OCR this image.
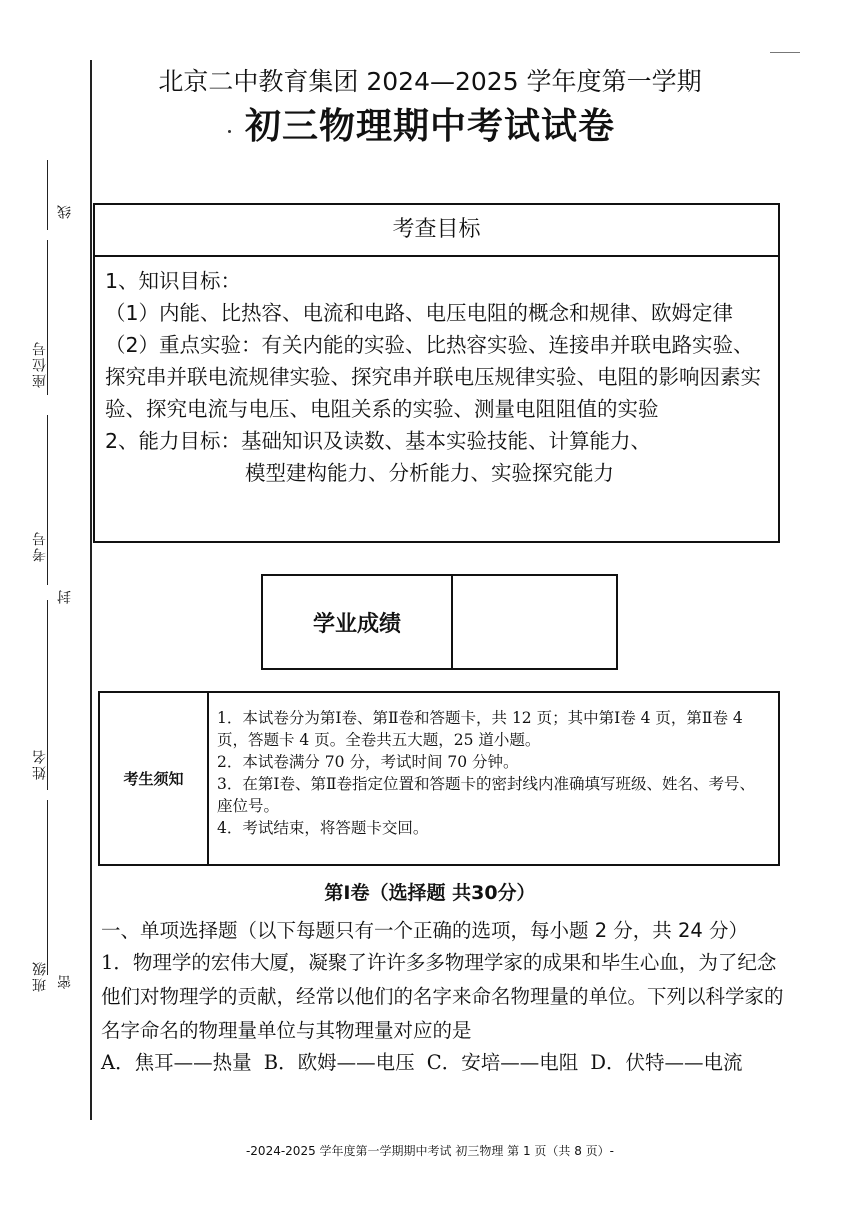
线
座位号
考号
封
姓名
班级 密
北京二中教育集团 2024—2025 学年度第一学期
初三物理期中考试试卷
考查目标

1、知识目标：

（1）内能、比热容、电流和电路、电压电阻的概念和规律、欧姆定律

（2）重点实验：有关内能的实验、比热容实验、连接串并联电路实验、探究串并联电流规律实验、探究串并联电压规律实验、电阻的影响因素实验、探究电流与电压、电阻关系的实验、测量电阻阻值的实验

2、能力目标：基础知识及读数、基本实验技能、计算能力、

模型建构能力、分析能力、实验探究能力

学业成绩
考生须知

1．本试卷分为第Ⅰ卷、第Ⅱ卷和答题卡，共 12 页；其中第Ⅰ卷 4 页，第Ⅱ卷 4 页，答题卡 4 页。全卷共五大题，25 道小题。

2．本试卷满分 70 分，考试时间 70 分钟。

3．在第Ⅰ卷、第Ⅱ卷指定位置和答题卡的密封线内准确填写班级、姓名、考号、座位号。

4．考试结束，将答题卡交回。

第Ⅰ卷（选择题 共30分）
一、单项选择题（以下每题只有一个正确的选项，每小题 2 分，共 24 分）
1．物理学的宏伟大厦，凝聚了许许多多物理学家的成果和毕生心血，为了纪念他们对物理学的贡献，经常以他们的名字来命名物理量的单位。下列以科学家的名字命名的物理量单位与其物理量对应的是
A．焦耳——热量 B．欧姆——电压 C．安培——电阻 D．伏特——电流
-2024-2025 学年度第一学期期中考试 初三物理 第 1 页（共 8 页）-
